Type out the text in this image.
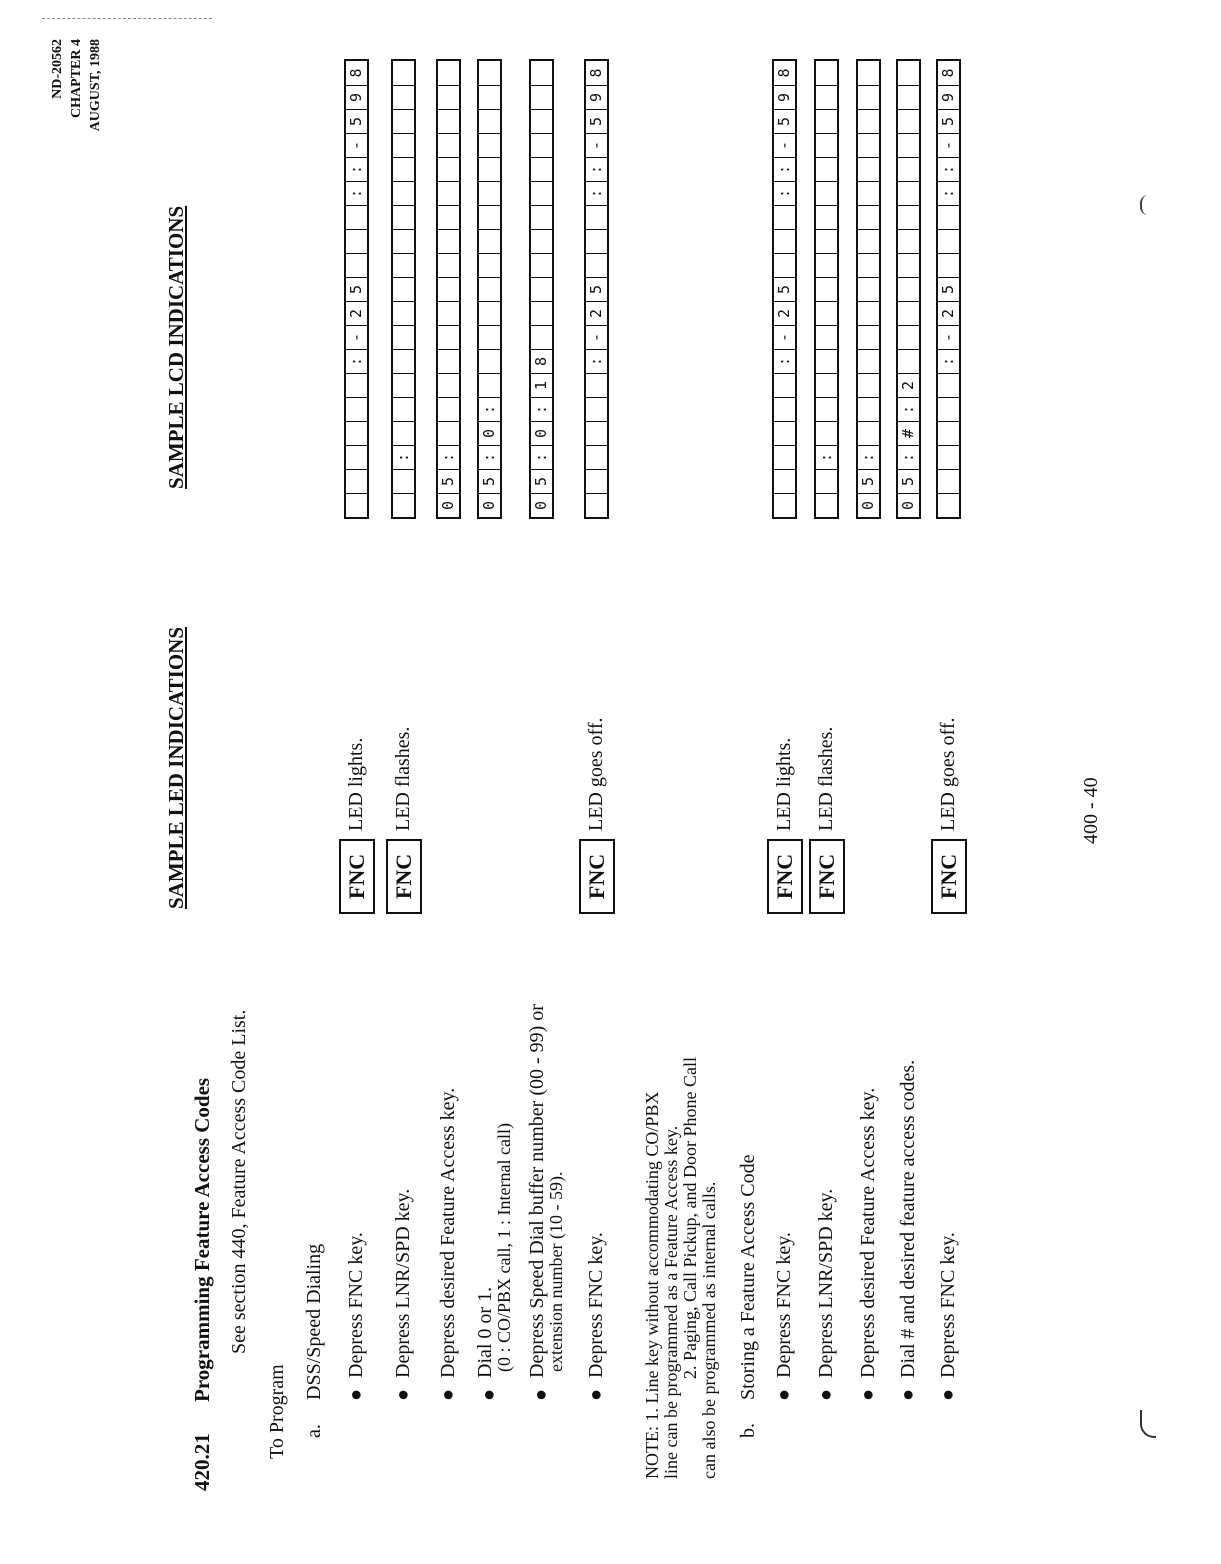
ND-20562 CHAPTER 4 AUGUST, 1988
420.21
Programming Feature Access Codes See section 440, Feature Access Code List.
To Program
SAMPLE LED INDICATIONS
SAMPLE LCD INDICATIONS
a.
DSS/Speed Dialing ●
Depress FNC key.
FNC
LED lights.
:
-
2
5
:
:
-
5
9
8
●
Depress LNR/SPD key.
FNC
LED flashes.
:
●
Depress desired Feature Access key.
0
5
:
●
Dial 0 or 1.
(0 : CO/PBX call, 1 : Internal call)
0
5
:
0
:
●
Depress Speed Dial buffer number (00 - 99) or
extension number (10 - 59).
0
5
:
0
:
1
8
●
Depress FNC key.
FNC
LED goes off.
:
-
2
5
:
:
-
5
9
8
NOTE: 1. Line key without accommodating CO/PBX line can be programmed as a Feature Access key. 2. Paging, Call Pickup, and Door Phone Call can also be programmed as internal calls. b.
Storing a Feature Access Code ●
Depress FNC key.
FNC
LED lights.
:
-
2
5
:
:
-
5
9
8
●
Depress LNR/SPD key.
FNC
LED flashes.
:
●
Depress desired Feature Access key.
0
5
:
●
Dial # and desired feature access codes.
0
5
:
#
:
2
●
Depress FNC key.
FNC
LED goes off.
:
-
2
5
:
:
-
5
9
8
400 - 40
